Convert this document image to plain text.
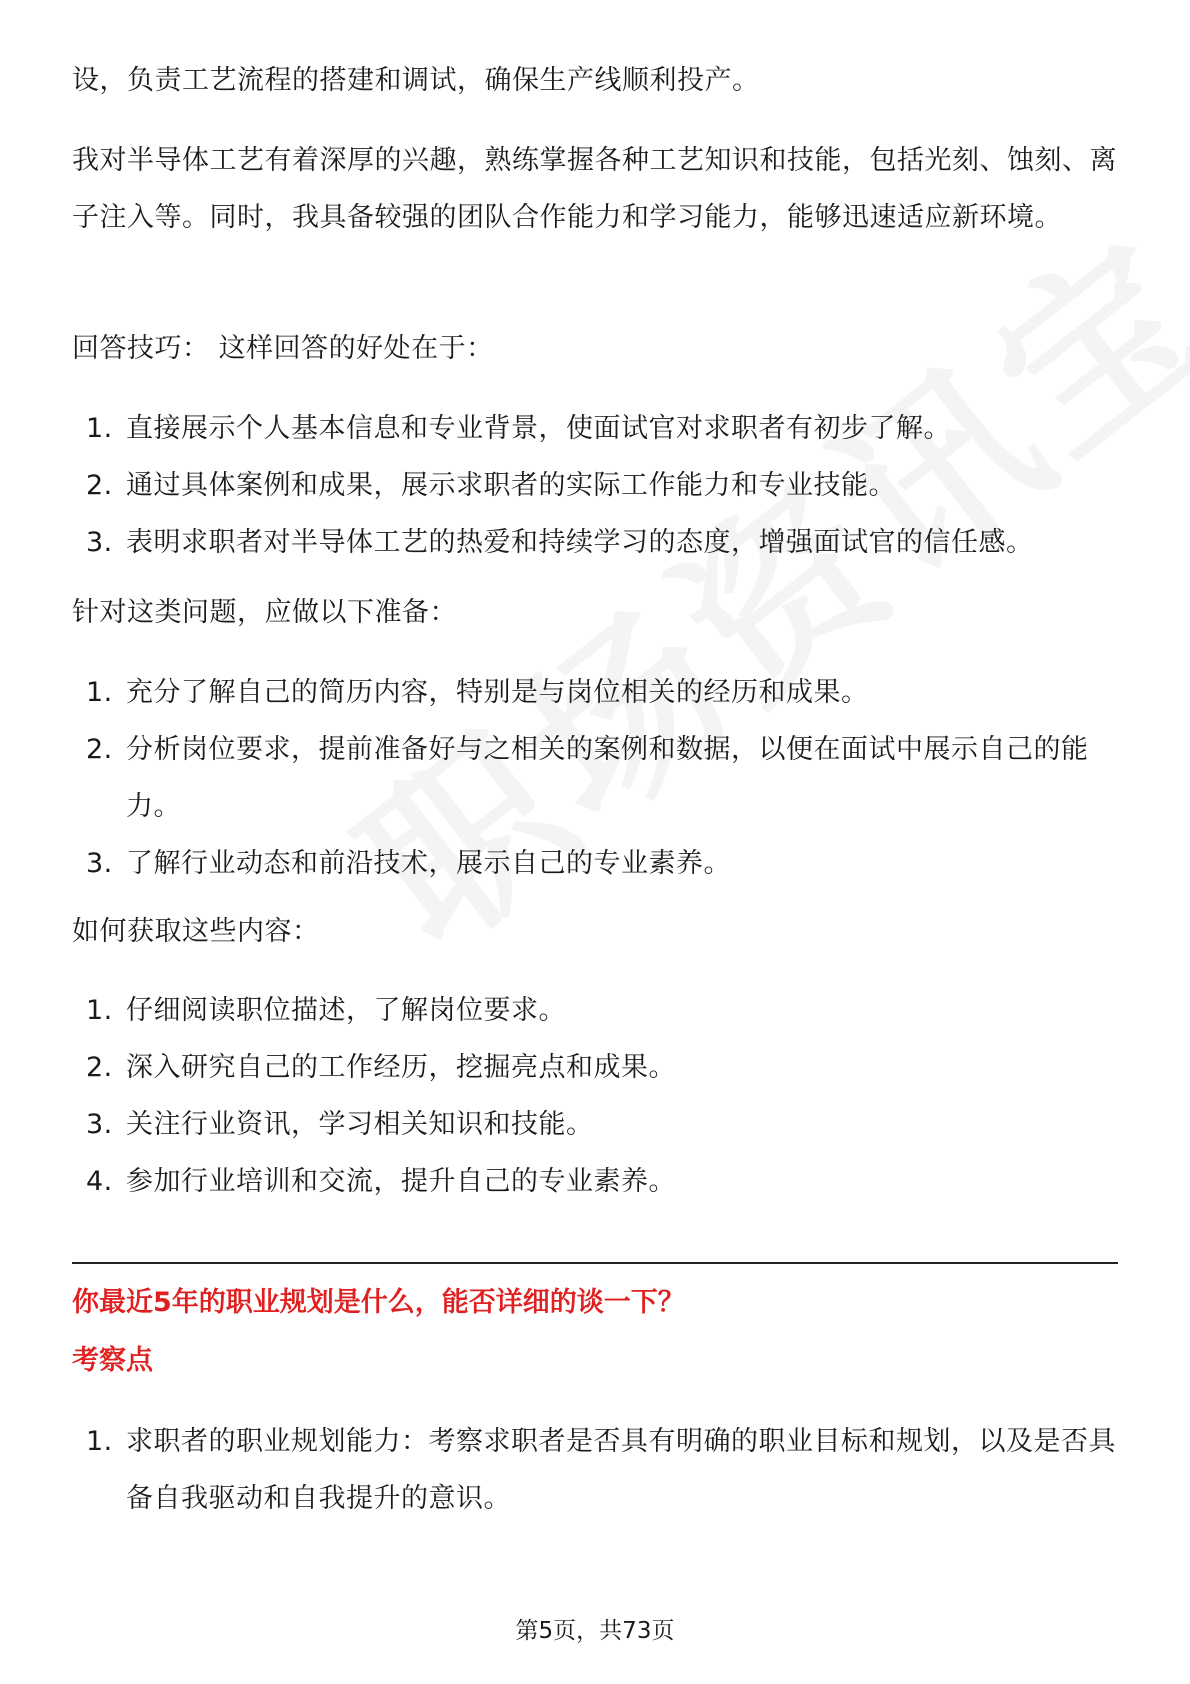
设，负责工艺流程的搭建和调试，确保生产线顺利投产。

我对半导体工艺有着深厚的兴趣，熟练掌握各种工艺知识和技能，包括光刻、蚀刻、离子注入等。同时，我具备较强的团队合作能力和学习能力，能够迅速适应新环境。

回答技巧： 这样回答的好处在于：

1. 直接展示个人基本信息和专业背景，使面试官对求职者有初步了解。
2. 通过具体案例和成果，展示求职者的实际工作能力和专业技能。
3. 表明求职者对半导体工艺的热爱和持续学习的态度，增强面试官的信任感。

针对这类问题，应做以下准备：

1. 充分了解自己的简历内容，特别是与岗位相关的经历和成果。
2. 分析岗位要求，提前准备好与之相关的案例和数据，以便在面试中展示自己的能力。
3. 了解行业动态和前沿技术，展示自己的专业素养。

如何获取这些内容：

1. 仔细阅读职位描述，了解岗位要求。
2. 深入研究自己的工作经历，挖掘亮点和成果。
3. 关注行业资讯，学习相关知识和技能。
4. 参加行业培训和交流，提升自己的专业素养。

你最近5年的职业规划是什么，能否详细的谈一下？

考察点

1. 求职者的职业规划能力：考察求职者是否具有明确的职业目标和规划，以及是否具备自我驱动和自我提升的意识。
第5页，共73页
